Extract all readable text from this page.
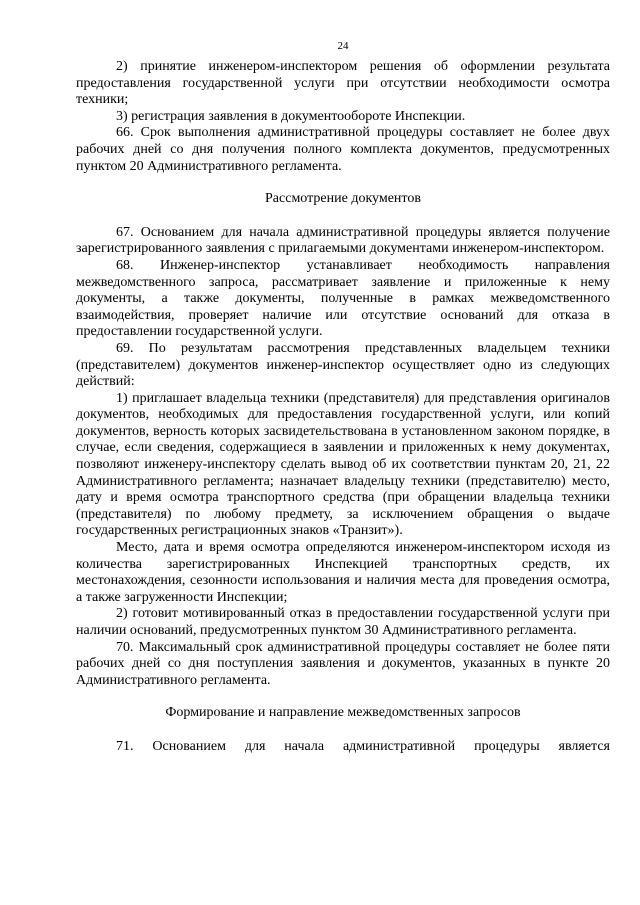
24

2) принятие инженером-инспектором решения об оформлении результата предоставления государственной услуги при отсутствии необходимости осмотра техники;

3) регистрация заявления в документообороте Инспекции.

66. Срок выполнения административной процедуры составляет не более двух рабочих дней со дня получения полного комплекта документов, предусмотренных пунктом 20 Административного регламента.

Рассмотрение документов

67. Основанием для начала административной процедуры является получение зарегистрированного заявления с прилагаемыми документами инженером-инспектором.

68. Инженер-инспектор устанавливает необходимость направления межведомственного запроса, рассматривает заявление и приложенные к нему документы, а также документы, полученные в рамках межведомственного взаимодействия, проверяет наличие или отсутствие оснований для отказа в предоставлении государственной услуги.

69. По результатам рассмотрения представленных владельцем техники (представителем) документов инженер-инспектор осуществляет одно из следующих действий:

1) приглашает владельца техники (представителя) для представления оригиналов документов, необходимых для предоставления государственной услуги, или копий документов, верность которых засвидетельствована в установленном законом порядке, в случае, если сведения, содержащиеся в заявлении и приложенных к нему документах, позволяют инженеру-инспектору сделать вывод об их соответствии пунктам 20, 21, 22 Административного регламента; назначает владельцу техники (представителю) место, дату и время осмотра транспортного средства (при обращении владельца техники (представителя) по любому предмету, за исключением обращения о выдаче государственных регистрационных знаков «Транзит»).

Место, дата и время осмотра определяются инженером-инспектором исходя из количества зарегистрированных Инспекцией транспортных средств, их местонахождения, сезонности использования и наличия места для проведения осмотра, а также загруженности Инспекции;

2) готовит мотивированный отказ в предоставлении государственной услуги при наличии оснований, предусмотренных пунктом 30 Административного регламента.

70. Максимальный срок административной процедуры составляет не более пяти рабочих дней со дня поступления заявления и документов, указанных в пункте 20 Административного регламента.

Формирование и направление межведомственных запросов

71. Основанием для начала административной процедуры является
